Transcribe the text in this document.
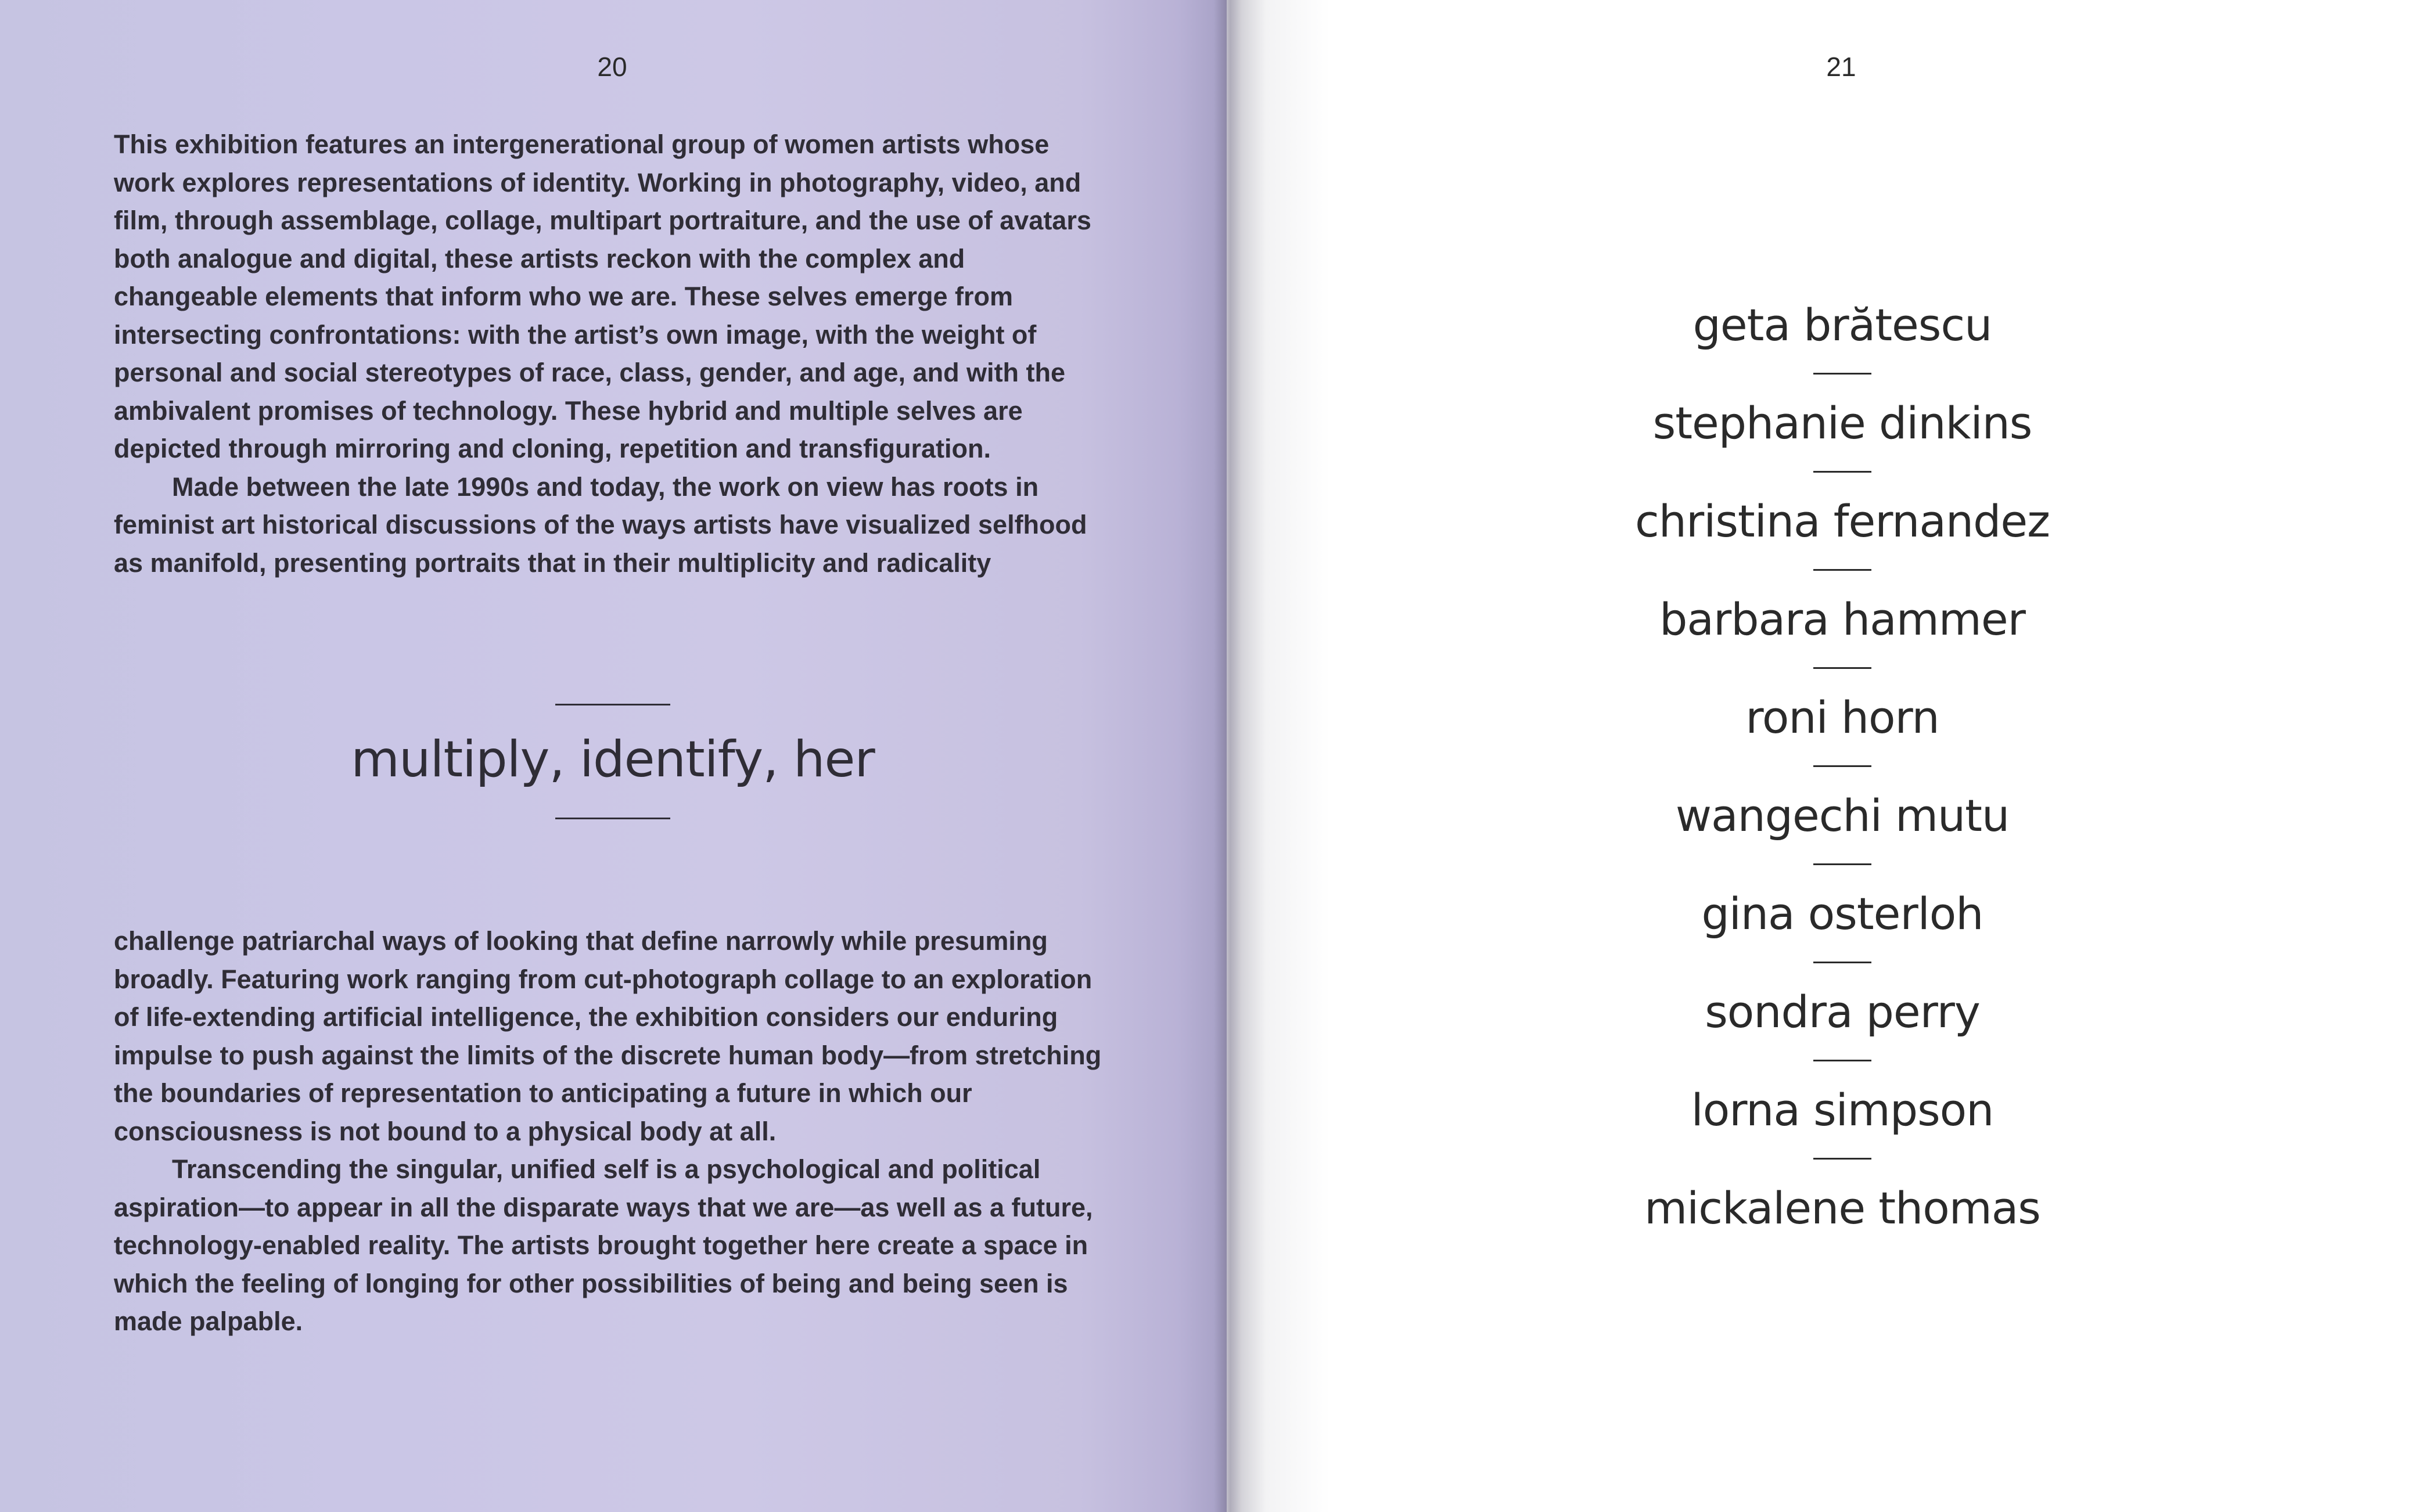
20	21

This exhibition features an intergenerational group of women artists whose work explores representations of identity. Working in photography, video, and film, through assemblage, collage, multipart portraiture, and the use of avatars both analogue and digital, these artists reckon with the complex and changeable elements that inform who we are. These selves emerge from intersecting confrontations: with the artist’s own image, with the weight of personal and social stereotypes of race, class, gender, and age, and with the ambivalent promises of technology. These hybrid and multiple selves are depicted through mirroring and cloning, repetition and transfiguration.

Made between the late 1990s and today, the work on view has roots in feminist art historical discussions of the ways artists have visualized selfhood as manifold, presenting portraits that in their multiplicity and radicality

multiply, identify, her

challenge patriarchal ways of looking that define narrowly while presuming broadly. Featuring work ranging from cut-photograph collage to an exploration of life-extending artificial intelligence, the exhibition considers our enduring impulse to push against the limits of the discrete human body—from stretching the boundaries of representation to anticipating a future in which our consciousness is not bound to a physical body at all.

Transcending the singular, unified self is a psychological and political aspiration—to appear in all the disparate ways that we are—as well as a future, technology-enabled reality. The artists brought together here create a space in which the feeling of longing for other possibilities of being and being seen is made palpable.

geta brătescu
stephanie dinkins
christina fernandez
barbara hammer
roni horn
wangechi mutu
gina osterloh
sondra perry
lorna simpson
mickalene thomas
